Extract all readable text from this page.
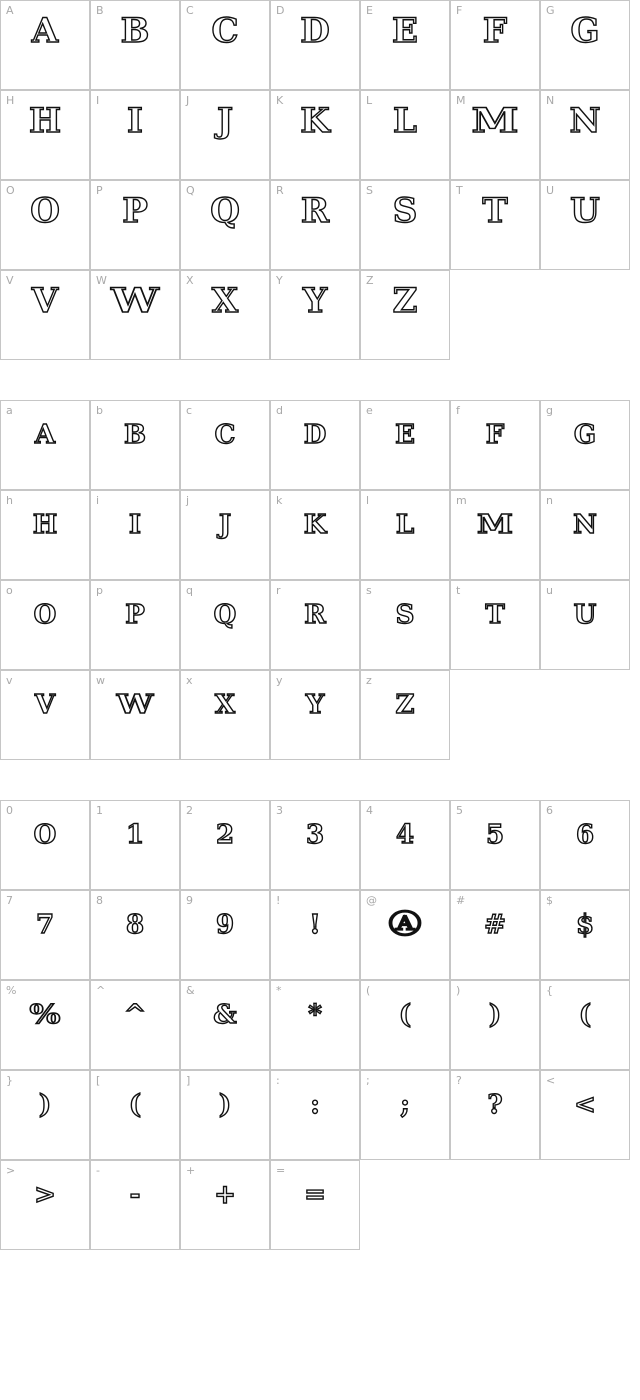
A
A
B
B
C
C
D
D
E
E
F
F
G
G
H
H
I
I
J
J
K
K
L
L
M
M
N
N
O
O
P
P
Q
Q
R
R
S
S
T
T
U
U
V
V
W
W
X
X
Y
Y
Z
Z
a
A
b
B
c
C
d
D
e
E
f
F
g
G
h
H
i
I
j
J
k
K
l
L
m
M
n
N
o
O
p
P
q
Q
r
R
s
S
t
T
u
U
v
V
w
W
x
X
y
Y
z
Z
0
O
1
1
2
2
3
3
4
4
5
5
6
6
7
7
8
8
9
9
!
!
@
Ⓐ
#
#
$
$
%
%
^
^
&
&
*
*
(
(
)
)
{
(
}
)
[
(
]
)
:
:
;
;
?
?
<
<
>
>
-
-
+
+
=
=
